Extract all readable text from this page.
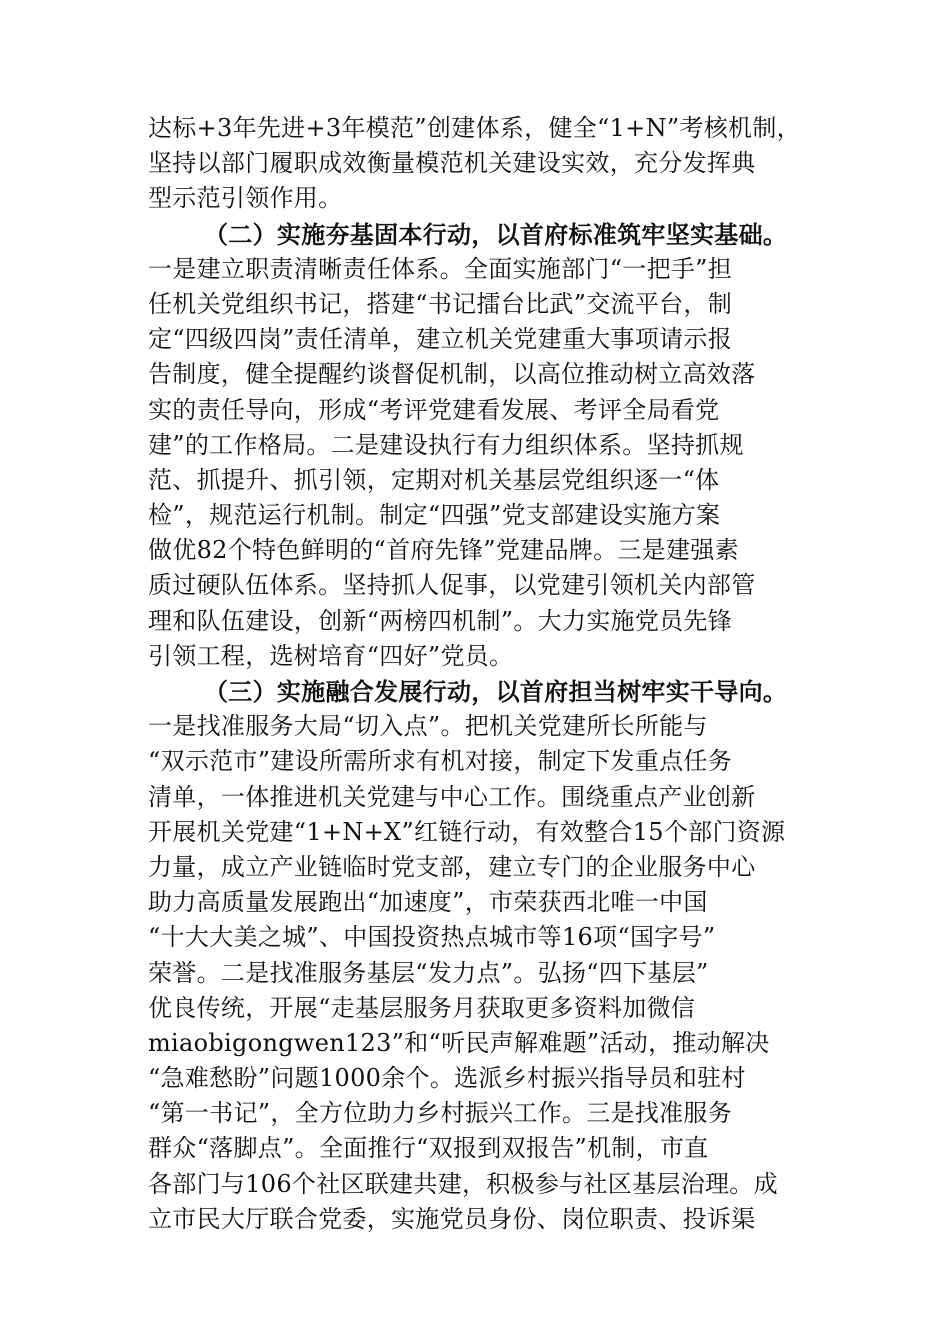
达标+3年先进+3年模范”创建体系，健全“1+N”考核机制，
坚持以部门履职成效衡量模范机关建设实效，充分发挥典
型示范引领作用。
（二）实施夯基固本行动，以首府标准筑牢坚实基础。
一是建立职责清晰责任体系。全面实施部门“一把手”担
任机关党组织书记，搭建“书记擂台比武”交流平台，制
定“四级四岗”责任清单，建立机关党建重大事项请示报
告制度，健全提醒约谈督促机制，以高位推动树立高效落
实的责任导向，形成“考评党建看发展、考评全局看党
建”的工作格局。二是建设执行有力组织体系。坚持抓规
范、抓提升、抓引领，定期对机关基层党组织逐一“体
检”，规范运行机制。制定“四强”党支部建设实施方案
做优82个特色鲜明的“首府先锋”党建品牌。三是建强素
质过硬队伍体系。坚持抓人促事，以党建引领机关内部管
理和队伍建设，创新“两榜四机制”。大力实施党员先锋
引领工程，选树培育“四好”党员。
（三）实施融合发展行动，以首府担当树牢实干导向。
一是找准服务大局“切入点”。把机关党建所长所能与
“双示范市”建设所需所求有机对接，制定下发重点任务
清单，一体推进机关党建与中心工作。围绕重点产业创新
开展机关党建“1+N+X”红链行动，有效整合15个部门资源
力量，成立产业链临时党支部，建立专门的企业服务中心
助力高质量发展跑出“加速度”，市荣获西北唯一中国
“十大大美之城”、中国投资热点城市等16项“国字号”
荣誉。二是找准服务基层“发力点”。弘扬“四下基层”
优良传统，开展“走基层服务月获取更多资料加微信
miaobigongwen123”和“听民声解难题”活动，推动解决
“急难愁盼”问题1000余个。选派乡村振兴指导员和驻村
“第一书记”，全方位助力乡村振兴工作。三是找准服务
群众“落脚点”。全面推行“双报到双报告”机制，市直
各部门与106个社区联建共建，积极参与社区基层治理。成
立市民大厅联合党委，实施党员身份、岗位职责、投诉渠
